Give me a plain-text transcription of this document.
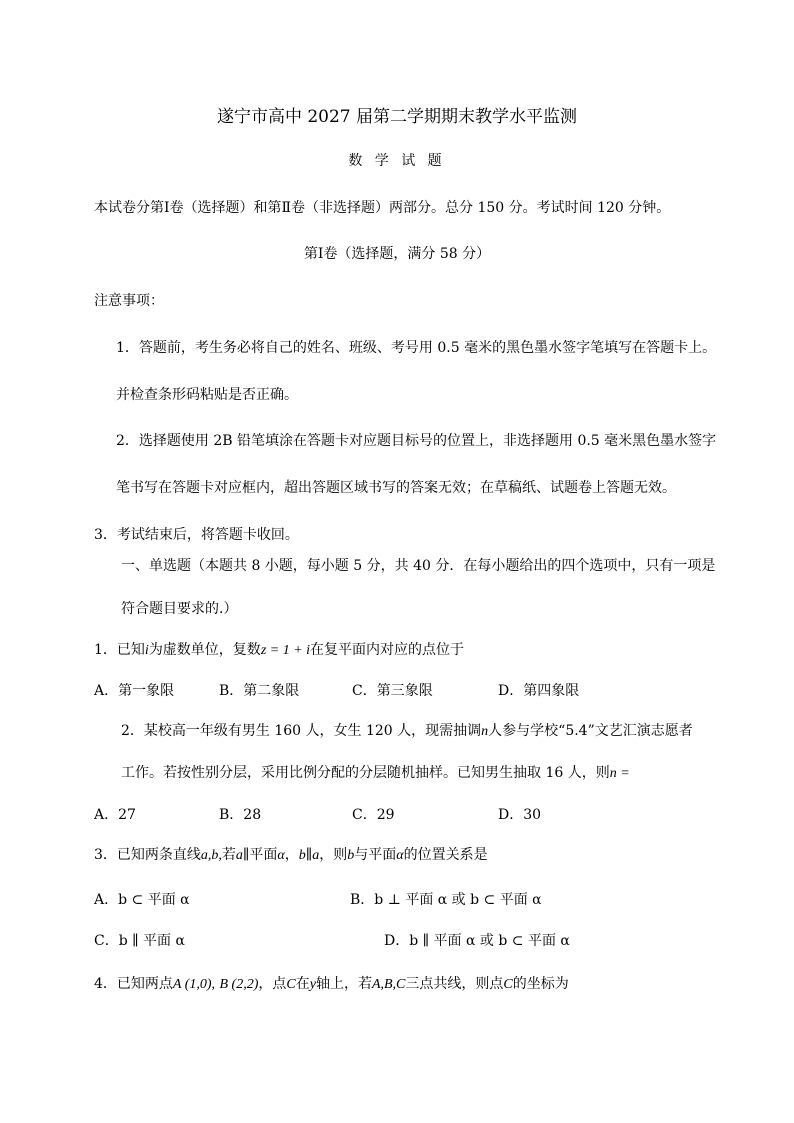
遂宁市高中 2027 届第二学期期末教学水平监测
数 学 试 题
本试卷分第Ⅰ卷（选择题）和第Ⅱ卷（非选择题）两部分。总分 150 分。考试时间 120 分钟。
第Ⅰ卷（选择题，满分 58 分）
注意事项：
1．答题前，考生务必将自己的姓名、班级、考号用 0.5 毫米的黑色墨水签字笔填写在答题卡上。
并检查条形码粘贴是否正确。
2．选择题使用 2B 铅笔填涂在答题卡对应题目标号的位置上，非选择题用 0.5 毫米黑色墨水签字
笔书写在答题卡对应框内，超出答题区域书写的答案无效；在草稿纸、试题卷上答题无效。
3．考试结束后，将答题卡收回。
一、单选题（本题共 8 小题，每小题 5 分，共 40 分．在每小题给出的四个选项中，只有一项是
符合题目要求的.）
1．已知i为虚数单位，复数z = 1 + i在复平面内对应的点位于
A．第一象限	B．第二象限	C．第三象限	D．第四象限
2．某校高一年级有男生 160 人，女生 120 人，现需抽调n人参与学校“5.4”文艺汇演志愿者
工作。若按性别分层，采用比例分配的分层随机抽样。已知男生抽取 16 人，则n =
A．27	B．28	C．29	D．30
3．已知两条直线a,b,若a∥平面α，b∥a，则b与平面α的位置关系是
A．b ⊂ 平面 α	B．b ⊥ 平面 α 或 b ⊂ 平面 α
C．b ∥ 平面 α	D．b ∥ 平面 α 或 b ⊂ 平面 α
4．已知两点A (1,0), B (2,2)，点C在y轴上，若A,B,C三点共线，则点C的坐标为
